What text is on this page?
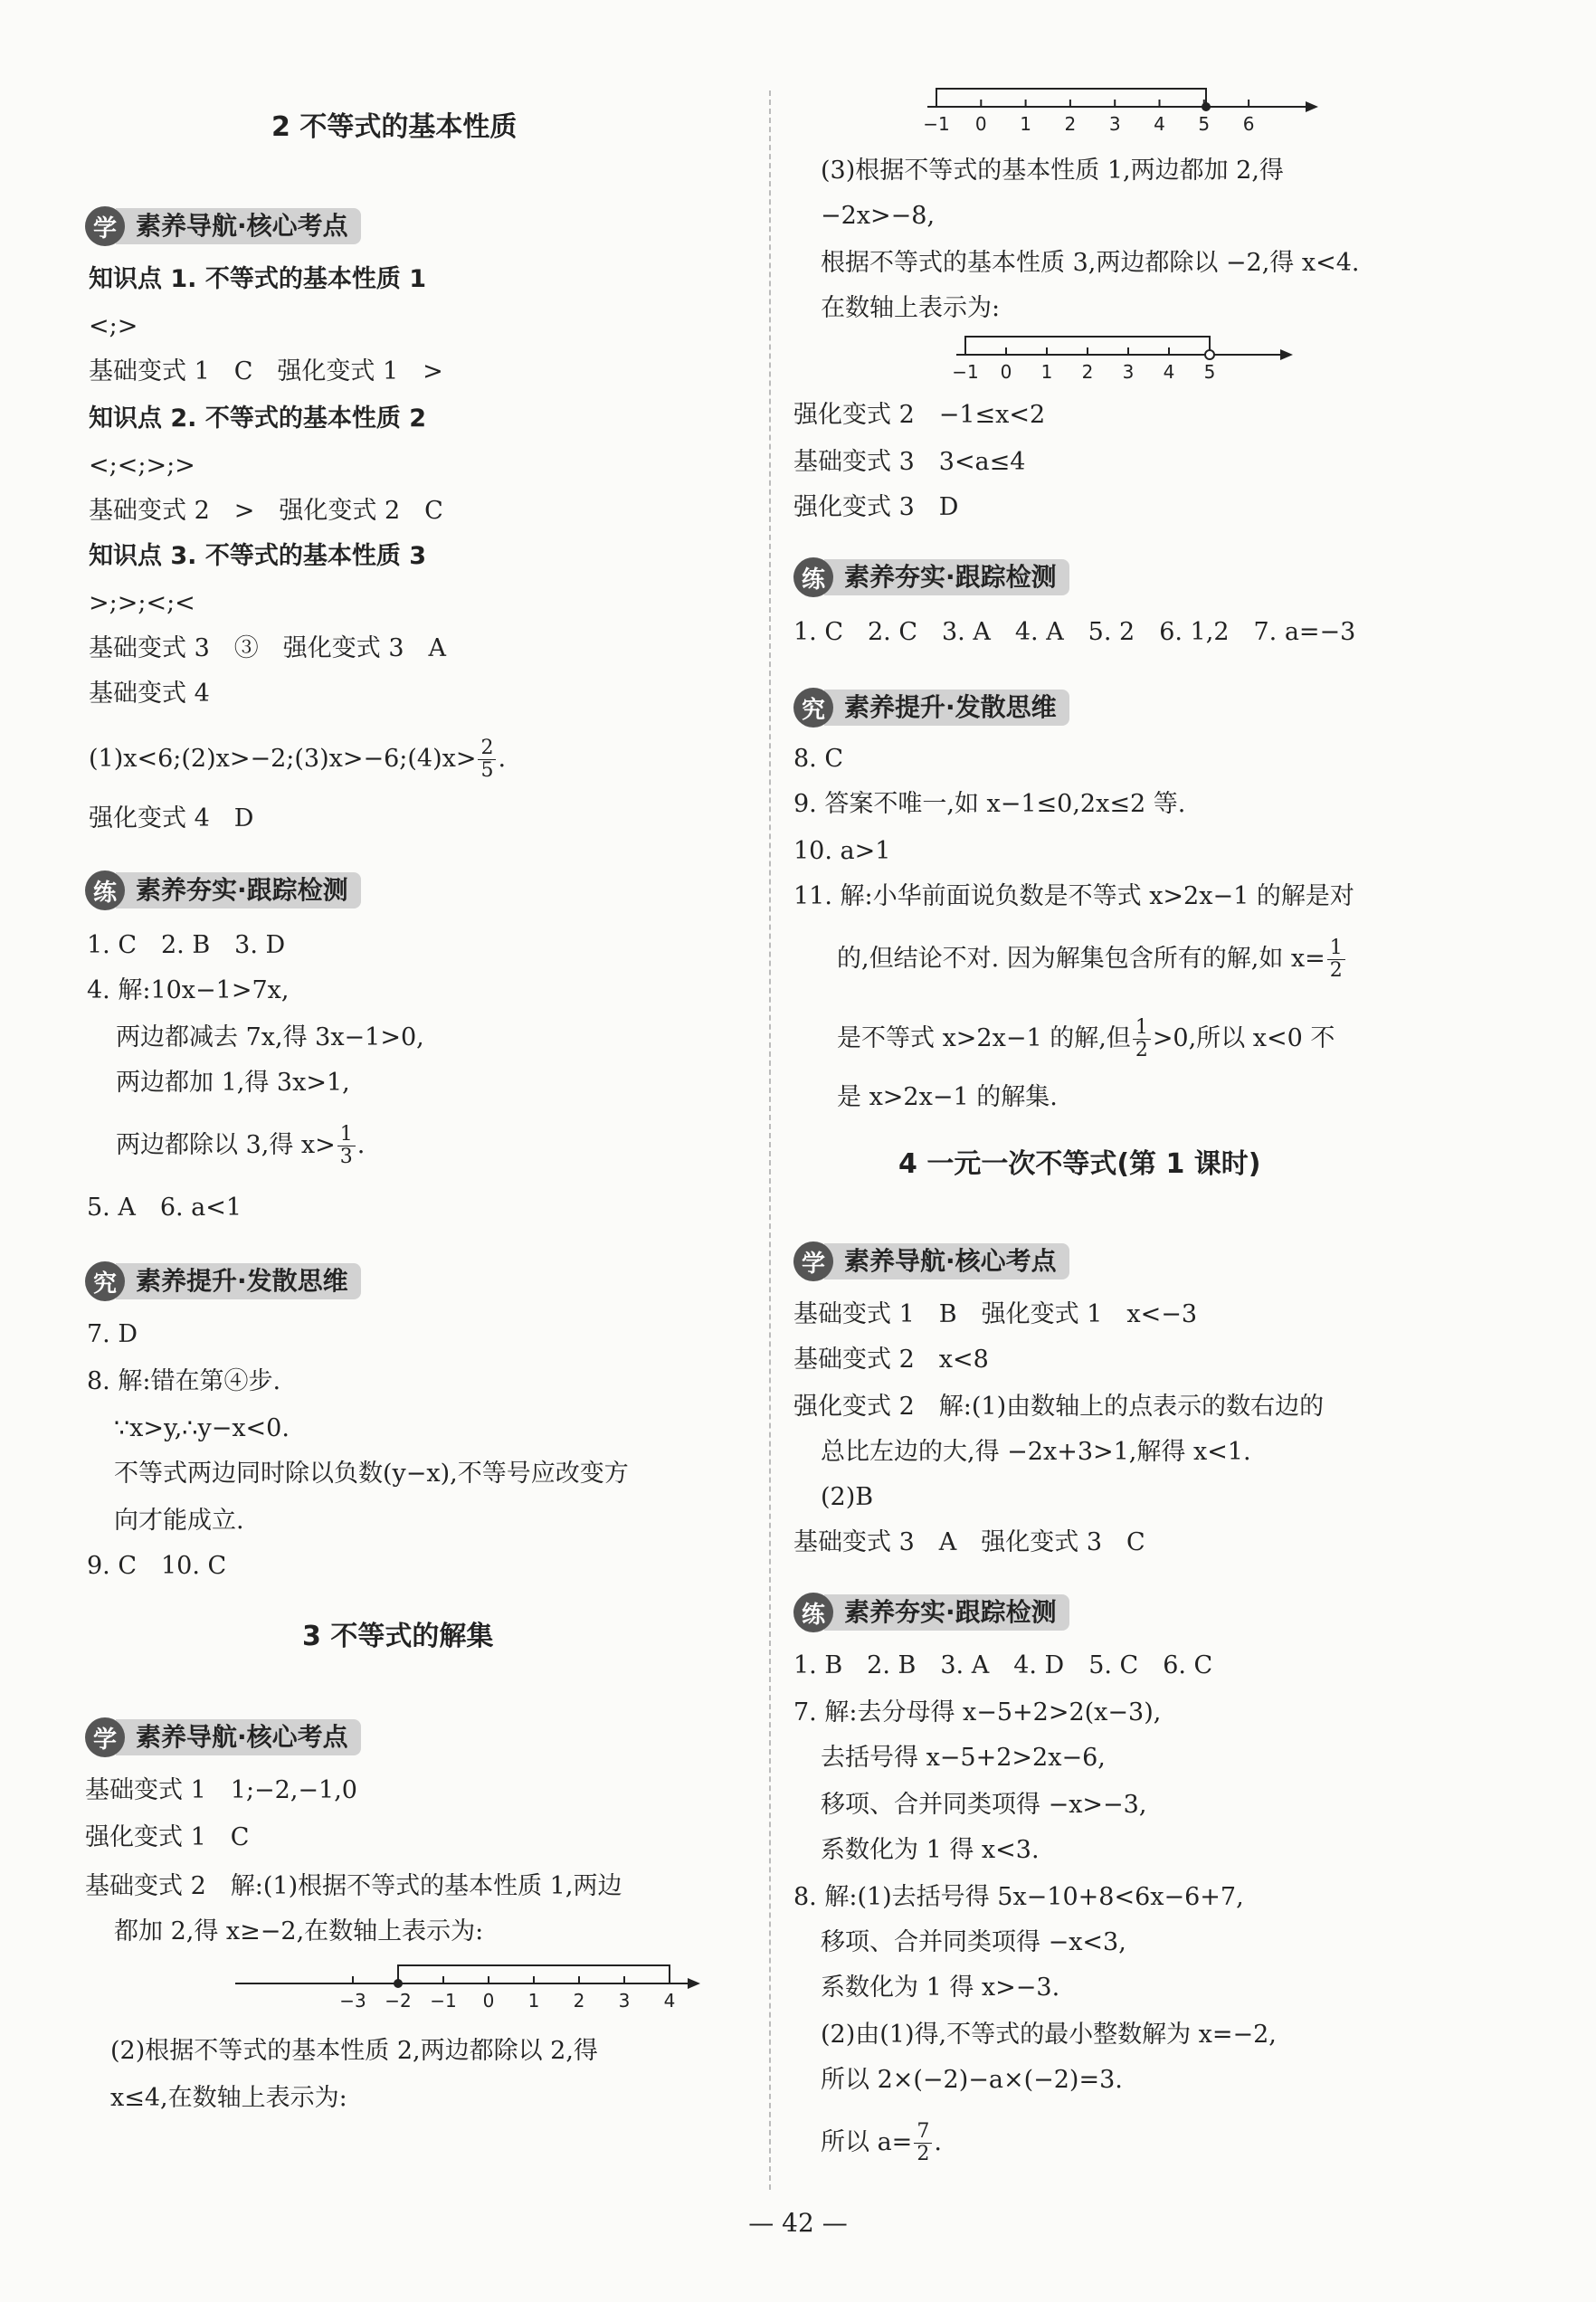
2 不等式的基本性质
学 素养导航·核心考点
知识点 1. 不等式的基本性质 1
<;>
基础变式 1　C　强化变式 1　>
知识点 2. 不等式的基本性质 2
<;<;>;>
基础变式 2　>　强化变式 2　C
知识点 3. 不等式的基本性质 3
>;>;<;<
基础变式 3　③　强化变式 3　A
基础变式 4
(1)x<6;(2)x>−2;(3)x>−6;(4)x> $\frac{2}{5}$ .
强化变式 4　D
练 素养夯实·跟踪检测
1. C　2. B　3. D
4. 解:10x−1>7x,
两边都减去 7x,得 3x−1>0,
两边都加 1,得 3x>1,
两边都除以 3,得 $x> \frac{1}{3}$ .
5. A　6. a<1
究 素养提升·发散思维
7. D
8. 解:错在第④步.
∵x>y,∴y−x<0.
不等式两边同时除以负数(y−x),不等号应改变方
向才能成立.
9. C　10. C
3 不等式的解集
学 素养导航·核心考点
基础变式 1　1;−2,−1,0
强化变式 1　C
基础变式 2　解:(1)根据不等式的基本性质 1,两边
都加 2,得 x≥−2,在数轴上表示为:
−3 −2 −1 0 1 2 3 4
(2)根据不等式的基本性质 2,两边都除以 2,得
x≤4,在数轴上表示为:
−1 0 1 2 3 4 5 6
(3)根据不等式的基本性质 1,两边都加 2,得
−2x>−8,
根据不等式的基本性质 3,两边都除以 −2,得 x<4.
在数轴上表示为:
−1 0 1 2 3 4 5
强化变式 2　−1≤x<2
基础变式 3　3<a≤4
强化变式 3　D
练 素养夯实·跟踪检测
1. C　2. C　3. A　4. A　5. 2　6. 1,2　7. a=−3
究 素养提升·发散思维
8. C
9. 答案不唯一,如 x−1≤0,2x≤2 等.
10. a>1
11. 解:小华前面说负数是不等式 x>2x−1 的解是对
的,但结论不对. 因为解集包含所有的解,如 $x= \frac{1}{2}$
是不等式 x>2x−1 的解,但 $\frac{1}{2} >0$,所以 x<0 不
是 x>2x−1 的解集.
4 一元一次不等式(第 1 课时)
学 素养导航·核心考点
基础变式 1　B　强化变式 1　x<−3
基础变式 2　x<8
强化变式 2　解:(1)由数轴上的点表示的数右边的
总比左边的大,得 −2x+3>1,解得 x<1.
(2)B
基础变式 3　A　强化变式 3　C
练 素养夯实·跟踪检测
1. B　2. B　3. A　4. D　5. C　6. C
7. 解:去分母得 x−5+2>2(x−3),
去括号得 x−5+2>2x−6,
移项、合并同类项得 −x>−3,
系数化为 1 得 x<3.
8. 解:(1)去括号得 5x−10+8<6x−6+7,
移项、合并同类项得 −x<3,
系数化为 1 得 x>−3.
(2)由(1)得,不等式的最小整数解为 x=−2,
所以 2×(−2)−a×(−2)=3.
所以 $a= \frac{7}{2}$ .
— 42 —
